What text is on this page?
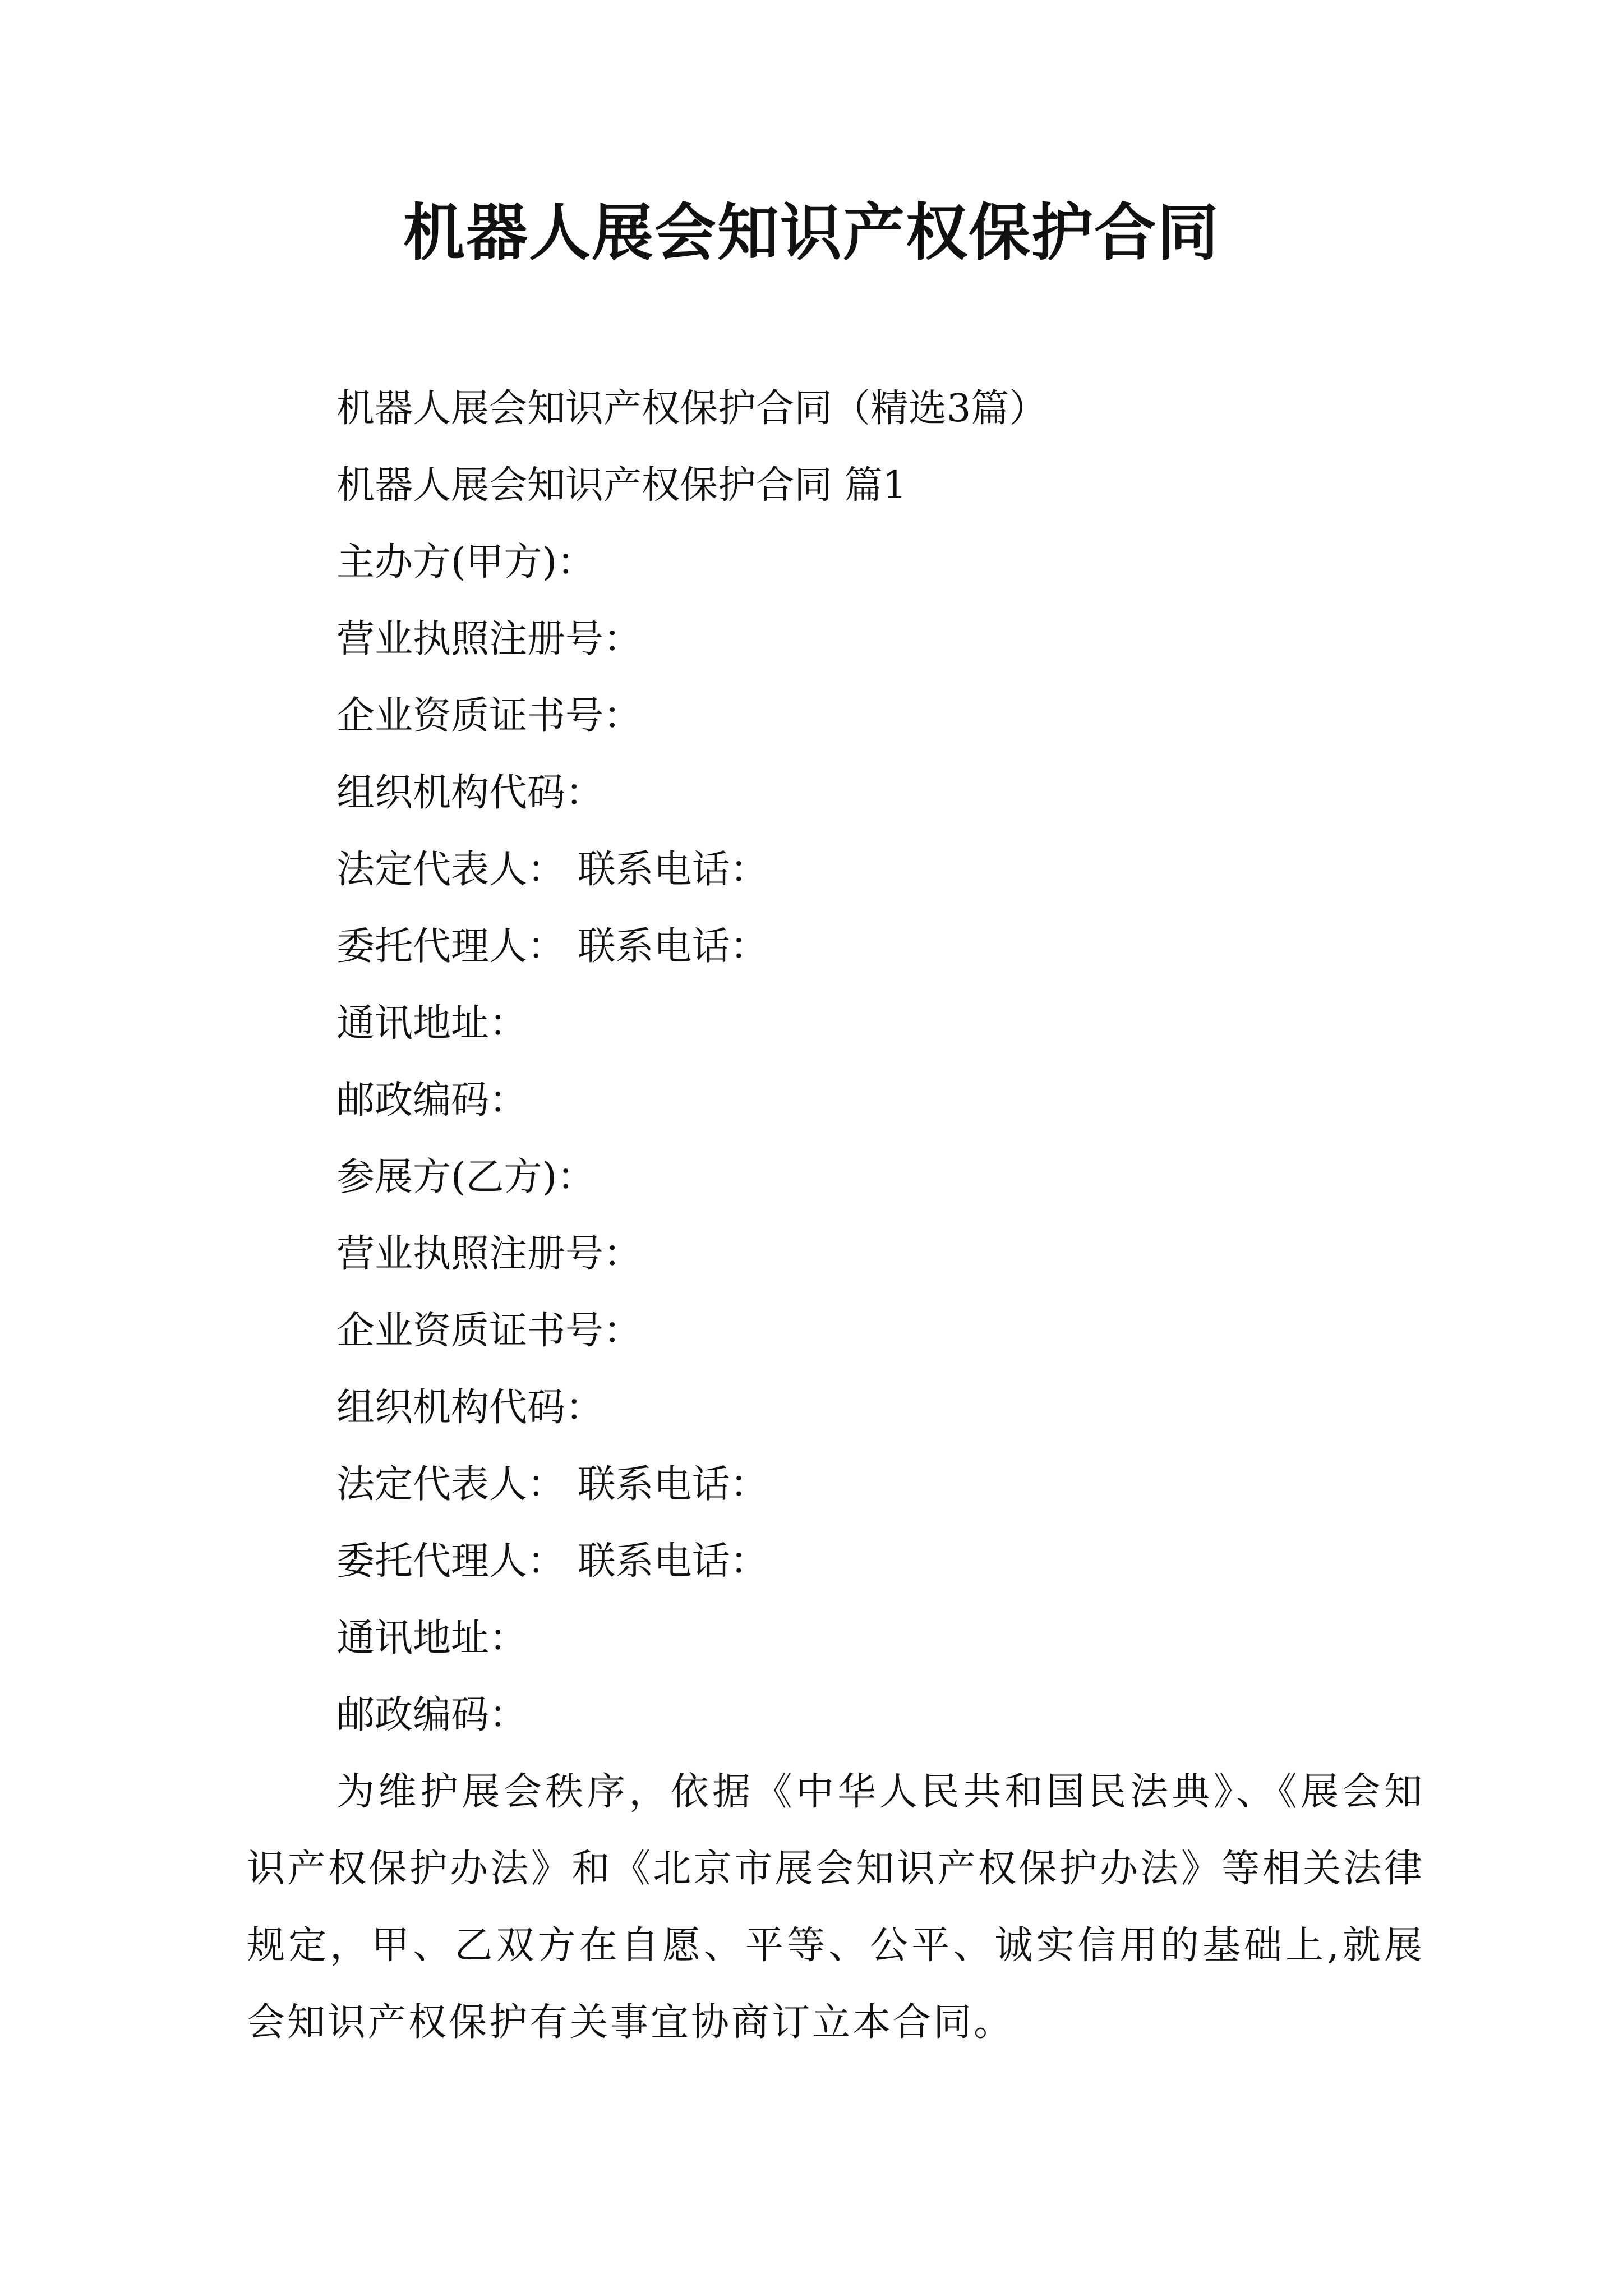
机器人展会知识产权保护合同
机器人展会知识产权保护合同（精选3篇）
机器人展会知识产权保护合同 篇1
主办方(甲方)：
营业执照注册号：
企业资质证书号：
组织机构代码：
法定代表人： 联系电话：
委托代理人： 联系电话：
通讯地址：
邮政编码：
参展方(乙方)：
营业执照注册号：
企业资质证书号：
组织机构代码：
法定代表人： 联系电话：
委托代理人： 联系电话：
通讯地址：
邮政编码：
为维护展会秩序，依据《中华人民共和国民法典》、《展会知识产权保护办法》和《北京市展会知识产权保护办法》等相关法律规定，甲、乙双方在自愿、平等、公平、诚实信用的基础上,就展会知识产权保护有关事宜协商订立本合同。
